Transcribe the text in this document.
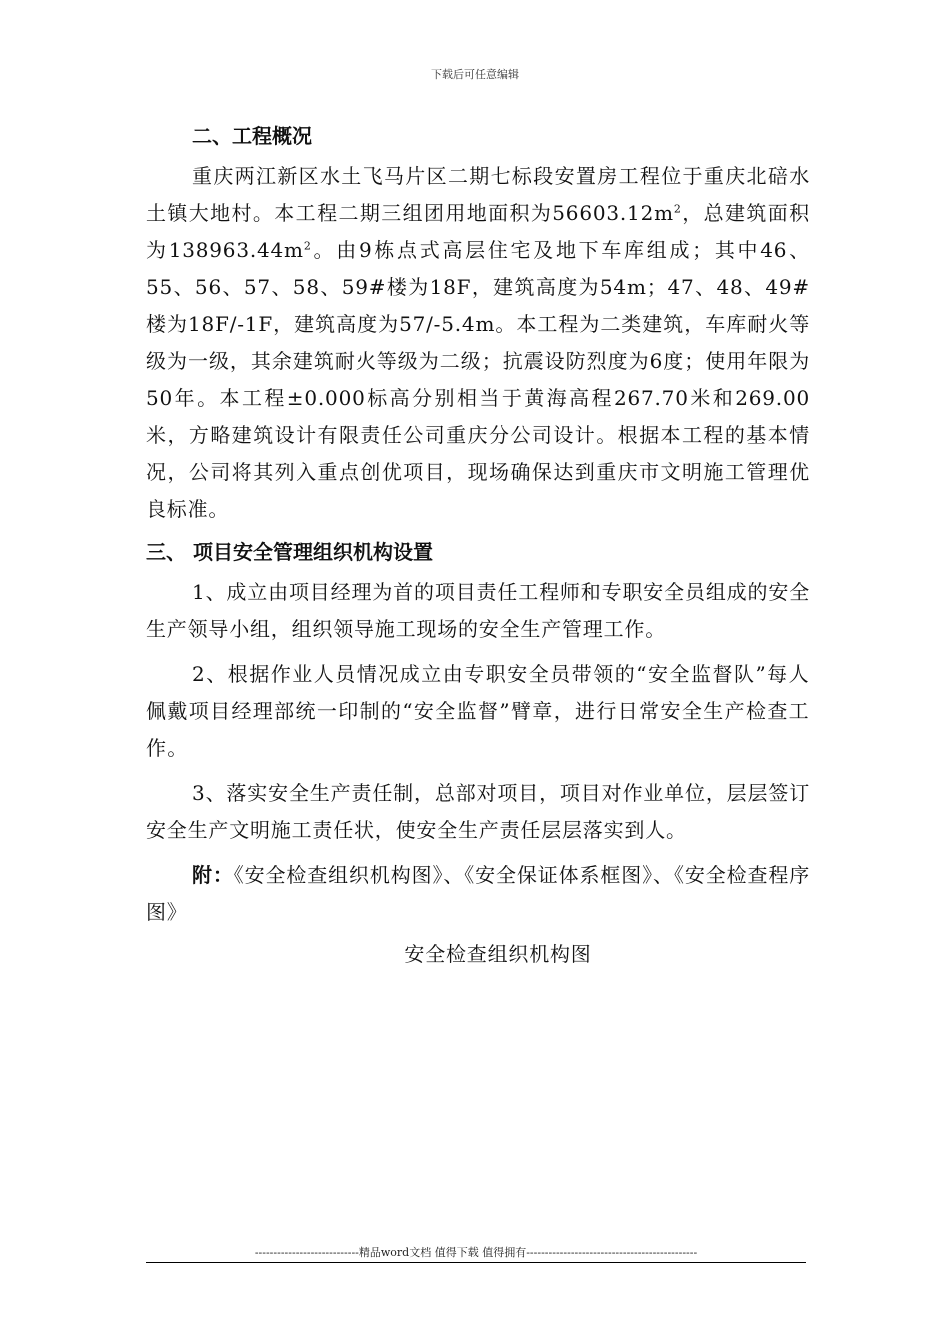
下载后可任意编辑
二、工程概况
重庆两江新区水土飞马片区二期七标段安置房工程位于重庆北碚水土镇大地村。本工程二期三组团用地面积为$56603.12m^2$，总建筑面积为$138963.44m^2$。由9栋点式高层住宅及地下车库组成；其中46、55、56、57、58、59#楼为18F，建筑高度为54m；47、48、49#楼为18F/-1F，建筑高度为57/-5.4m。本工程为二类建筑，车库耐火等级为一级，其余建筑耐火等级为二级；抗震设防烈度为6度；使用年限为50年。本工程±0.000标高分别相当于黄海高程267.70米和269.00米，方略建筑设计有限责任公司重庆分公司设计。根据本工程的基本情况，公司将其列入重点创优项目，现场确保达到重庆市文明施工管理优良标准。
三、 项目安全管理组织机构设置
1、成立由项目经理为首的项目责任工程师和专职安全员组成的安全生产领导小组，组织领导施工现场的安全生产管理工作。
2、根据作业人员情况成立由专职安全员带领的“安全监督队”每人佩戴项目经理部统一印制的“安全监督”臂章，进行日常安全生产检查工作。
3、落实安全生产责任制，总部对项目，项目对作业单位，层层签订安全生产文明施工责任状，使安全生产责任层层落实到人。
附：《安全检查组织机构图》、《安全保证体系框图》、《安全检查程序图》
安全检查组织机构图
----------------------------精品word文档 值得下载 值得拥有----------------------------------------------
